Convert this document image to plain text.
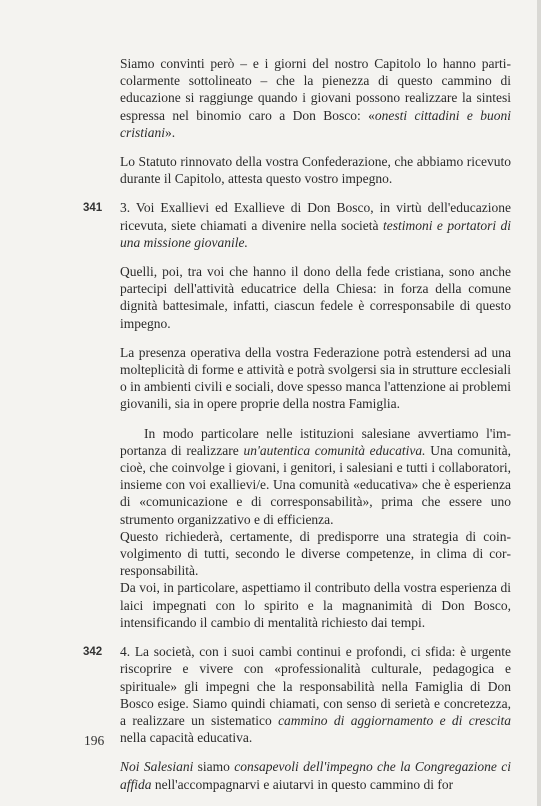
Siamo convinti però – e i giorni del nostro Capitolo lo hanno particolarmente sottolineato – che la pienezza di questo cammino di educazione si raggiunge quando i giovani possono realizzare la sintesi espressa nel binomio caro a Don Bosco: «onesti cittadini e buoni cristiani».

Lo Statuto rinnovato della vostra Confederazione, che abbiamo ricevuto durante il Capitolo, attesta questo vostro impegno.

341 3. Voi Exallievi ed Exallieve di Don Bosco, in virtù dell'educazione ricevuta, siete chiamati a divenire nella società testimoni e portatori di una missione giovanile.

Quelli, poi, tra voi che hanno il dono della fede cristiana, sono anche partecipi dell'attività educatrice della Chiesa: in forza della comune dignità battesimale, infatti, ciascun fedele è corresponsabile di questo impegno.

La presenza operativa della vostra Federazione potrà estendersi ad una molteplicità di forme e attività e potrà svolgersi sia in strutture ecclesiali o in ambienti civili e sociali, dove spesso manca l'attenzione ai problemi giovanili, sia in opere proprie della nostra Famiglia.

In modo particolare nelle istituzioni salesiane avvertiamo l'importanza di realizzare un'autentica comunità educativa. Una comunità, cioè, che coinvolge i giovani, i genitori, i salesiani e tutti i collaboratori, insieme con voi exallievi/e. Una comunità «educativa» che è esperienza di «comunicazione e di corresponsabilità», prima che essere uno strumento organizzativo e di efficienza.

Questo richiederà, certamente, di predisporre una strategia di coinvolgimento di tutti, secondo le diverse competenze, in clima di corresponsabilità.

Da voi, in particolare, aspettiamo il contributo della vostra esperienza di laici impegnati con lo spirito e la magnanimità di Don Bosco, intensificando il cambio di mentalità richiesto dai tempi.

342 4. La società, con i suoi cambi continui e profondi, ci sfida: è urgente riscoprire e vivere con «professionalità culturale, pedagogica e spirituale» gli impegni che la responsabilità nella Famiglia di Don Bosco esige. Siamo quindi chiamati, con senso di serietà e concretezza, a realizzare un sistematico cammino di aggiornamento e di crescita nella capacità educativa.

Noi Salesiani siamo consapevoli dell'impegno che la Congregazione ci affida nell'accompagnarvi e aiutarvi in questo cammino di for

196
